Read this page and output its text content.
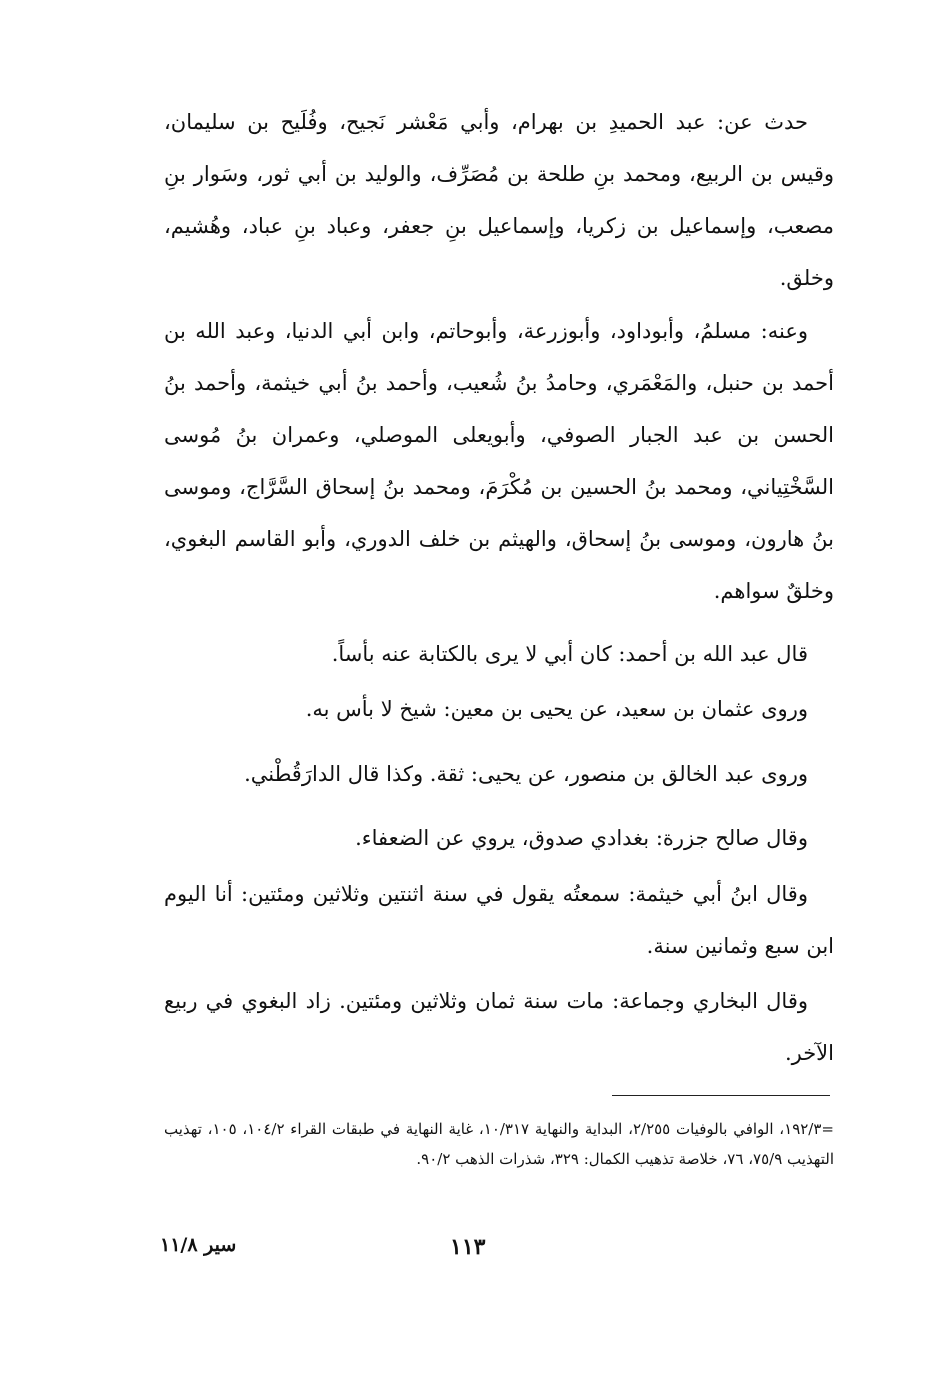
حدث عن: عبد الحميدِ بن بهرام، وأبي مَعْشر نَجيح، وفُلَيح بن سليمان، وقيس بن الربيع، ومحمد بنِ طلحة بن مُصَرِّف، والوليد بن أبي ثور، وسَوار بنِ مصعب، وإسماعيل بن زكريا، وإسماعيل بنِ جعفر، وعباد بنِ عباد، وهُشيم، وخلق.

وعنه: مسلمُ، وأبوداود، وأبوزرعة، وأبوحاتم، وابن أبي الدنيا، وعبد الله بن أحمد بن حنبل، والمَعْمَري، وحامدُ بنُ شُعيب، وأحمد بنُ أبي خيثمة، وأحمد بنُ الحسن بن عبد الجبار الصوفي، وأبويعلى الموصلي، وعمران بنُ مُوسى السَّخْتِياني، ومحمد بنُ الحسين بن مُكْرَمَ، ومحمد بنُ إسحاق السَّرَّاج، وموسى بنُ هارون، وموسى بنُ إسحاق، والهيثم بن خلف الدوري، وأبو القاسم البغوي، وخلقٌ سواهم.

قال عبد الله بن أحمد: كان أبي لا يرى بالكتابة عنه بأساً.

وروى عثمان بن سعيد، عن يحيى بن معين: شيخ لا بأس به.

وروى عبد الخالق بن منصور، عن يحيى: ثقة. وكذا قال الدارَقُطْني.

وقال صالح جزرة: بغدادي صدوق، يروي عن الضعفاء.

وقال ابنُ أبي خيثمة: سمعتُه يقول في سنة اثنتين وثلاثين ومئتين: أنا اليوم ابن سبع وثمانين سنة.

وقال البخاري وجماعة: مات سنة ثمان وثلاثين ومئتين. زاد البغوي في ربيع الآخر.

=١٩٢/٣، الوافي بالوفيات ٢/٢٥٥، البداية والنهاية ١٠/٣١٧، غاية النهاية في طبقات القراء ١٠٤/٢، ١٠٥، تهذيب التهذيب ٧٥/٩، ٧٦، خلاصة تذهيب الكمال: ٣٢٩، شذرات الذهب ٩٠/٢.

١١٣
سير ١١/٨
